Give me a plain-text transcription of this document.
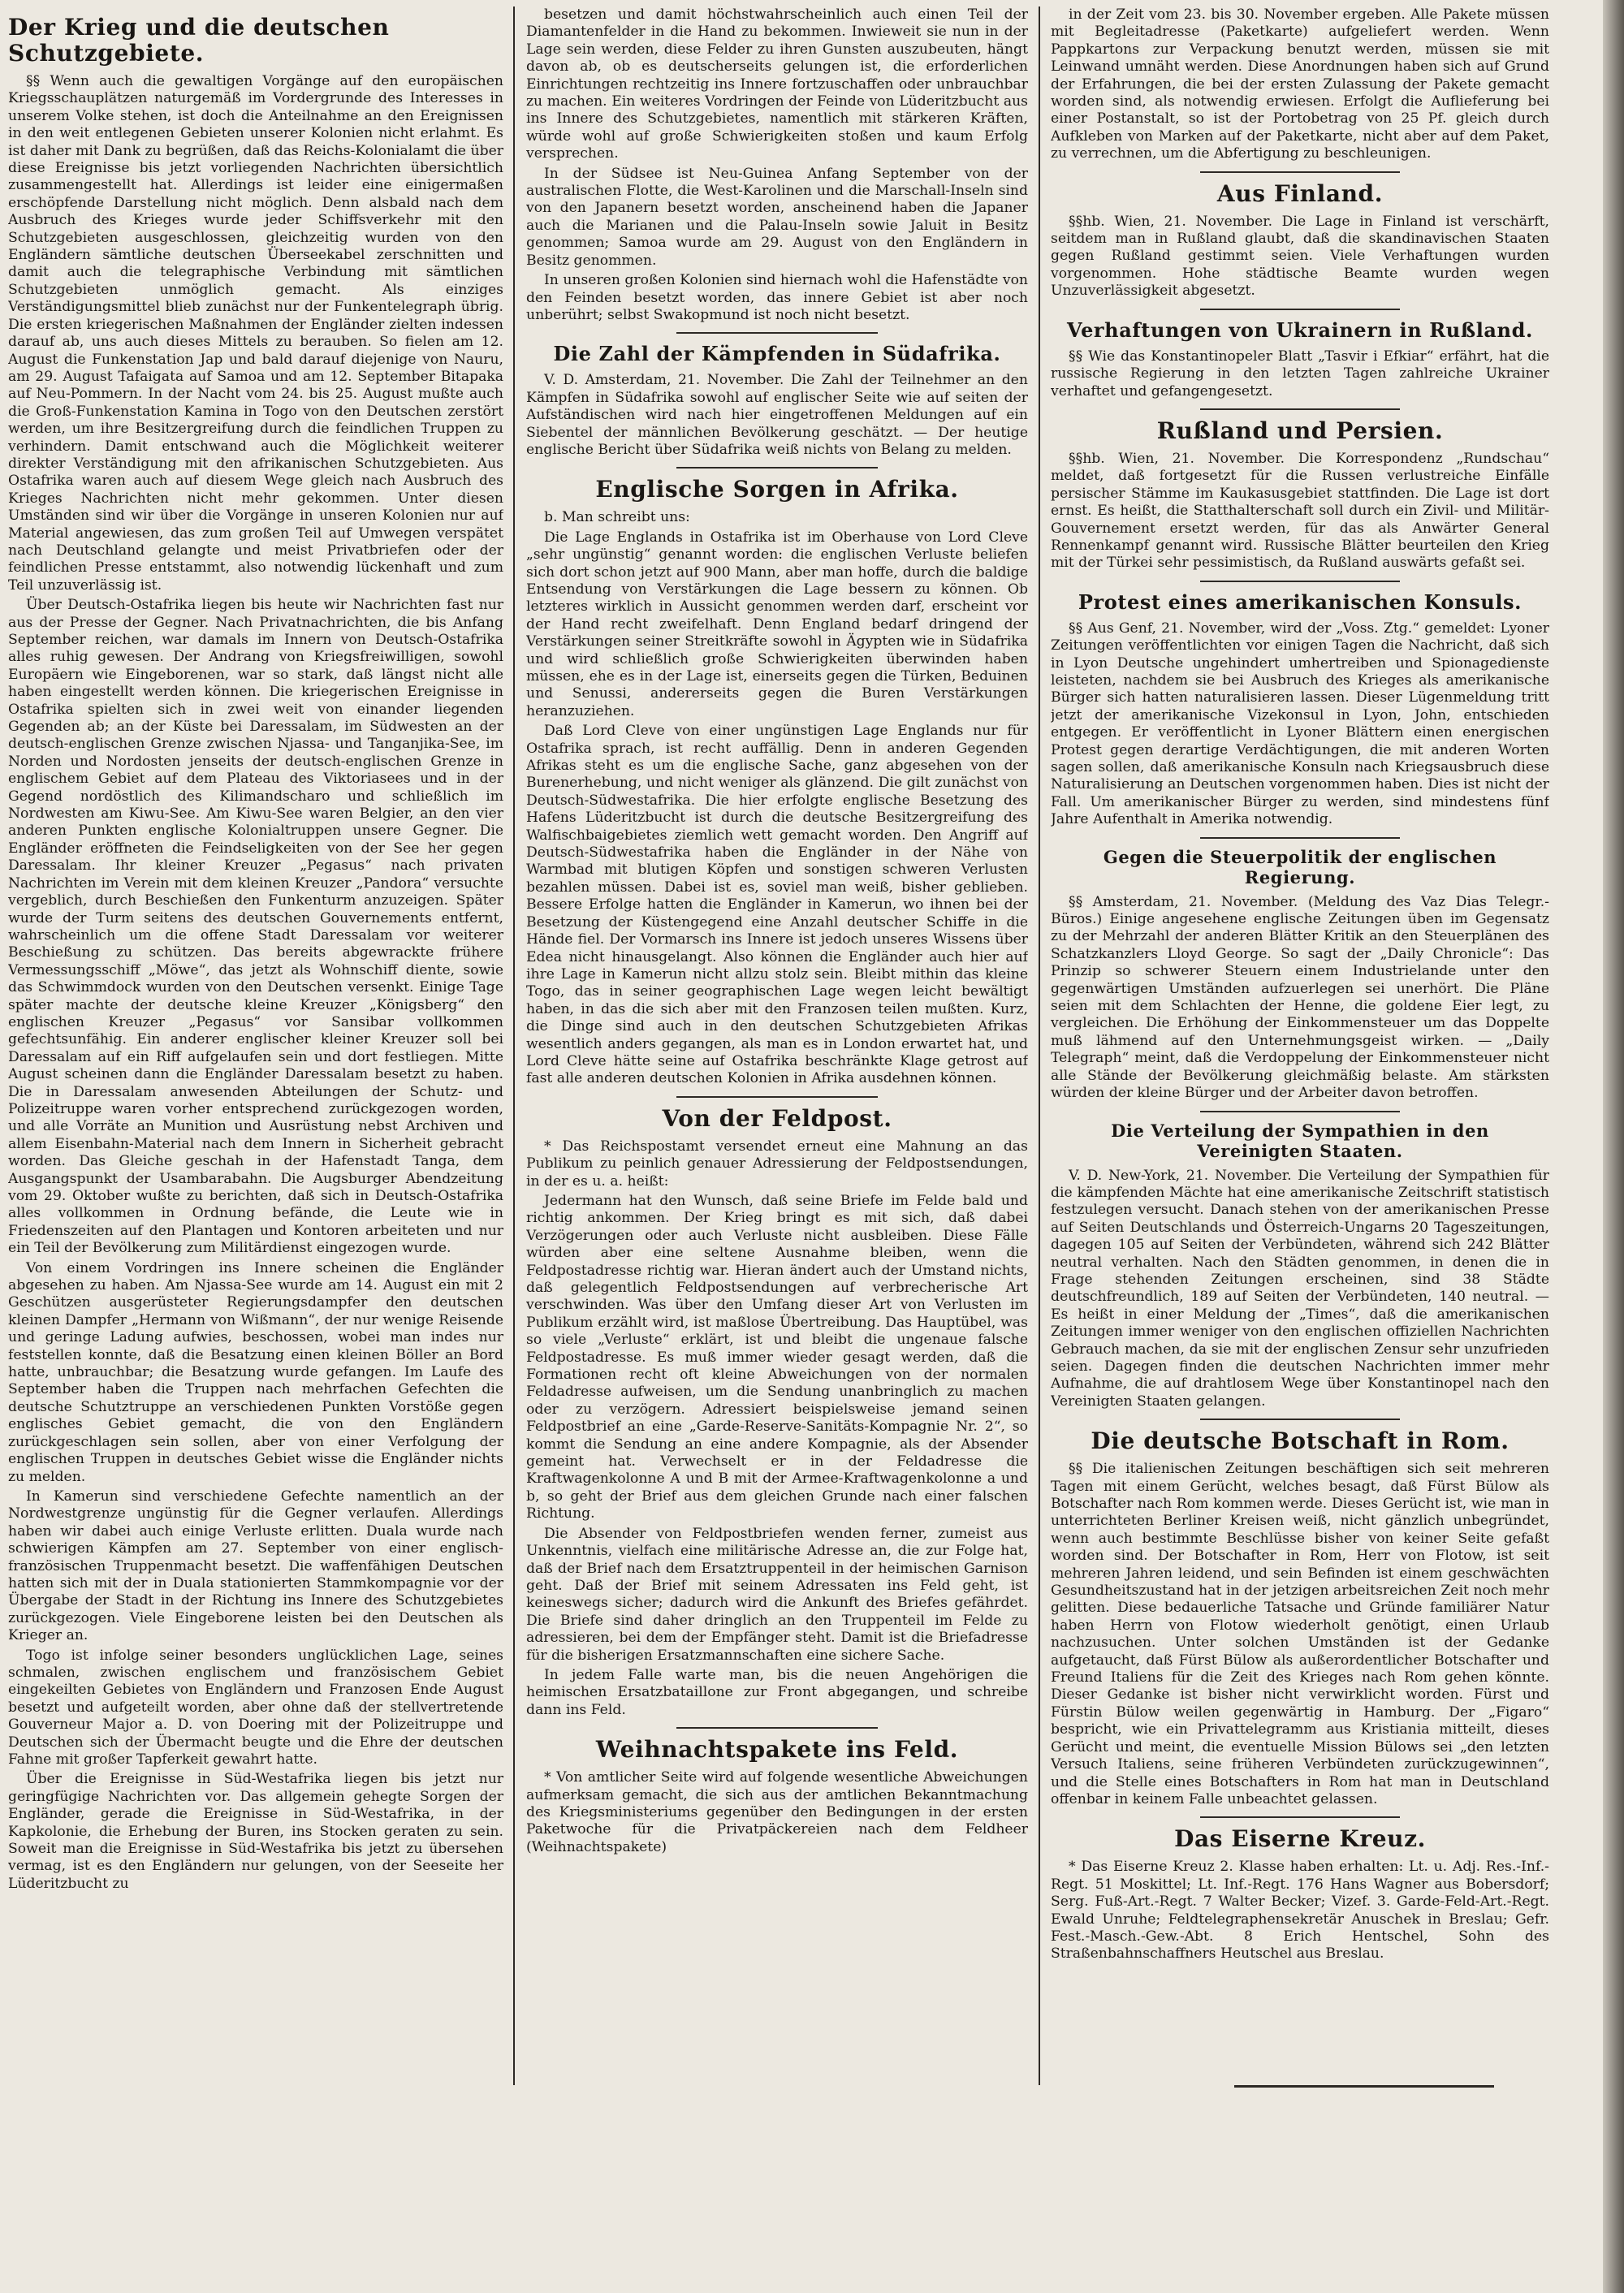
Der Krieg und die deutschen Schutzgebiete.

§§ Wenn auch die gewaltigen Vorgänge auf den europäischen Kriegsschauplätzen naturgemäß im Vordergrunde des Interesses in unserem Volke stehen, ist doch die Anteilnahme an den Ereignissen in den weit entlegenen Gebieten unserer Kolonien nicht erlahmt. Es ist daher mit Dank zu begrüßen, daß das Reichs-Kolonialamt die über diese Ereignisse bis jetzt vorliegenden Nachrichten übersichtlich zusammengestellt hat. Allerdings ist leider eine einigermaßen erschöpfende Darstellung nicht möglich. Denn alsbald nach dem Ausbruch des Krieges wurde jeder Schiffsverkehr mit den Schutzgebieten ausgeschlossen, gleichzeitig wurden von den Engländern sämtliche deutschen Überseekabel zerschnitten und damit auch die telegraphische Verbindung mit sämtlichen Schutzgebieten unmöglich gemacht. Als einziges Verständigungsmittel blieb zunächst nur der Funkentelegraph übrig. Die ersten kriegerischen Maßnahmen der Engländer zielten indessen darauf ab, uns auch dieses Mittels zu berauben. So fielen am 12. August die Funkenstation Jap und bald darauf diejenige von Nauru, am 29. August Tafaigata auf Samoa und am 12. September Bitapaka auf Neu-Pommern. In der Nacht vom 24. bis 25. August mußte auch die Groß-Funkenstation Kamina in Togo von den Deutschen zerstört werden, um ihre Besitzergreifung durch die feindlichen Truppen zu verhindern. Damit entschwand auch die Möglichkeit weiterer direkter Verständigung mit den afrikanischen Schutzgebieten. Aus Ostafrika waren auch auf diesem Wege gleich nach Ausbruch des Krieges Nachrichten nicht mehr gekommen. Unter diesen Umständen sind wir über die Vorgänge in unseren Kolonien nur auf Material angewiesen, das zum großen Teil auf Umwegen verspätet nach Deutschland gelangte und meist Privatbriefen oder der feindlichen Presse entstammt, also notwendig lückenhaft und zum Teil unzuverlässig ist.

Über Deutsch-Ostafrika liegen bis heute wir Nachrichten fast nur aus der Presse der Gegner. Nach Privatnachrichten, die bis Anfang September reichen, war damals im Innern von Deutsch-Ostafrika alles ruhig gewesen. Der Andrang von Kriegsfreiwilligen, sowohl Europäern wie Eingeborenen, war so stark, daß längst nicht alle haben eingestellt werden können. Die kriegerischen Ereignisse in Ostafrika spielten sich in zwei weit von einander liegenden Gegenden ab; an der Küste bei Daressalam, im Südwesten an der deutsch-englischen Grenze zwischen Njassa- und Tanganjika-See, im Norden und Nordosten jenseits der deutsch-englischen Grenze in englischem Gebiet auf dem Plateau des Viktoriasees und in der Gegend nordöstlich des Kilimandscharo und schließlich im Nordwesten am Kiwu-See. Am Kiwu-See waren Belgier, an den vier anderen Punkten englische Kolonialtruppen unsere Gegner. Die Engländer eröffneten die Feindseligkeiten von der See her gegen Daressalam. Ihr kleiner Kreuzer „Pegasus“ nach privaten Nachrichten im Verein mit dem kleinen Kreuzer „Pandora“ versuchte vergeblich, durch Beschießen den Funkenturm anzuzeigen. Später wurde der Turm seitens des deutschen Gouvernements entfernt, wahrscheinlich um die offene Stadt Daressalam vor weiterer Beschießung zu schützen. Das bereits abgewrackte frühere Vermessungsschiff „Möwe“, das jetzt als Wohnschiff diente, sowie das Schwimmdock wurden von den Deutschen versenkt. Einige Tage später machte der deutsche kleine Kreuzer „Königsberg“ den englischen Kreuzer „Pegasus“ vor Sansibar vollkommen gefechtsunfähig. Ein anderer englischer kleiner Kreuzer soll bei Daressalam auf ein Riff aufgelaufen sein und dort festliegen. Mitte August scheinen dann die Engländer Daressalam besetzt zu haben. Die in Daressalam anwesenden Abteilungen der Schutz- und Polizeitruppe waren vorher entsprechend zurückgezogen worden, und alle Vorräte an Munition und Ausrüstung nebst Archiven und allem Eisenbahn-Material nach dem Innern in Sicherheit gebracht worden. Das Gleiche geschah in der Hafenstadt Tanga, dem Ausgangspunkt der Usambarabahn. Die Augsburger Abendzeitung vom 29. Oktober wußte zu berichten, daß sich in Deutsch-Ostafrika alles vollkommen in Ordnung befände, die Leute wie in Friedenszeiten auf den Plantagen und Kontoren arbeiteten und nur ein Teil der Bevölkerung zum Militärdienst eingezogen wurde.

Von einem Vordringen ins Innere scheinen die Engländer abgesehen zu haben. Am Njassa-See wurde am 14. August ein mit 2 Geschützen ausgerüsteter Regierungsdampfer den deutschen kleinen Dampfer „Hermann von Wißmann“, der nur wenige Reisende und geringe Ladung aufwies, beschossen, wobei man indes nur feststellen konnte, daß die Besatzung einen kleinen Böller an Bord hatte, unbrauchbar; die Besatzung wurde gefangen. Im Laufe des September haben die Truppen nach mehrfachen Gefechten die deutsche Schutztruppe an verschiedenen Punkten Vorstöße gegen englisches Gebiet gemacht, die von den Engländern zurückgeschlagen sein sollen, aber von einer Verfolgung der englischen Truppen in deutsches Gebiet wisse die Engländer nichts zu melden.

In Kamerun sind verschiedene Gefechte namentlich an der Nordwestgrenze ungünstig für die Gegner verlaufen. Allerdings haben wir dabei auch einige Verluste erlitten. Duala wurde nach schwierigen Kämpfen am 27. September von einer englisch-französischen Truppenmacht besetzt. Die waffenfähigen Deutschen hatten sich mit der in Duala stationierten Stammkompagnie vor der Übergabe der Stadt in der Richtung ins Innere des Schutzgebietes zurückgezogen. Viele Eingeborene leisten bei den Deutschen als Krieger an.

Togo ist infolge seiner besonders unglücklichen Lage, seines schmalen, zwischen englischem und französischem Gebiet eingekeilten Gebietes von Engländern und Franzosen Ende August besetzt und aufgeteilt worden, aber ohne daß der stellvertretende Gouverneur Major a. D. von Doering mit der Polizeitruppe und Deutschen sich der Übermacht beugte und die Ehre der deutschen Fahne mit großer Tapferkeit gewahrt hatte.

Über die Ereignisse in Süd-Westafrika liegen bis jetzt nur geringfügige Nachrichten vor. Das allgemein gehegte Sorgen der Engländer, gerade die Ereignisse in Süd-Westafrika, in der Kapkolonie, die Erhebung der Buren, ins Stocken geraten zu sein. Soweit man die Ereignisse in Süd-Westafrika bis jetzt zu übersehen vermag, ist es den Engländern nur gelungen, von der Seeseite her Lüderitzbucht zu

besetzen und damit höchstwahrscheinlich auch einen Teil der Diamantenfelder in die Hand zu bekommen. Inwieweit sie nun in der Lage sein werden, diese Felder zu ihren Gunsten auszubeuten, hängt davon ab, ob es deutscherseits gelungen ist, die erforderlichen Einrichtungen rechtzeitig ins Innere fortzuschaffen oder unbrauchbar zu machen. Ein weiteres Vordringen der Feinde von Lüderitzbucht aus ins Innere des Schutzgebietes, namentlich mit stärkeren Kräften, würde wohl auf große Schwierigkeiten stoßen und kaum Erfolg versprechen.

In der Südsee ist Neu-Guinea Anfang September von der australischen Flotte, die West-Karolinen und die Marschall-Inseln sind von den Japanern besetzt worden, anscheinend haben die Japaner auch die Marianen und die Palau-Inseln sowie Jaluit in Besitz genommen; Samoa wurde am 29. August von den Engländern in Besitz genommen.

In unseren großen Kolonien sind hiernach wohl die Hafenstädte von den Feinden besetzt worden, das innere Gebiet ist aber noch unberührt; selbst Swakopmund ist noch nicht besetzt.

Die Zahl der Kämpfenden in Südafrika.

V. D. Amsterdam, 21. November. Die Zahl der Teilnehmer an den Kämpfen in Südafrika sowohl auf englischer Seite wie auf seiten der Aufständischen wird nach hier eingetroffenen Meldungen auf ein Siebentel der männlichen Bevölkerung geschätzt. — Der heutige englische Bericht über Südafrika weiß nichts von Belang zu melden.

Englische Sorgen in Afrika.

b. Man schreibt uns:

Die Lage Englands in Ostafrika ist im Oberhause von Lord Cleve „sehr ungünstig“ genannt worden: die englischen Verluste beliefen sich dort schon jetzt auf 900 Mann, aber man hoffe, durch die baldige Entsendung von Verstärkungen die Lage bessern zu können. Ob letzteres wirklich in Aussicht genommen werden darf, erscheint vor der Hand recht zweifelhaft. Denn England bedarf dringend der Verstärkungen seiner Streitkräfte sowohl in Ägypten wie in Südafrika und wird schließlich große Schwierigkeiten überwinden haben müssen, ehe es in der Lage ist, einerseits gegen die Türken, Beduinen und Senussi, andererseits gegen die Buren Verstärkungen heranzuziehen.

Daß Lord Cleve von einer ungünstigen Lage Englands nur für Ostafrika sprach, ist recht auffällig. Denn in anderen Gegenden Afrikas steht es um die englische Sache, ganz abgesehen von der Burenerhebung, und nicht weniger als glänzend. Die gilt zunächst von Deutsch-Südwestafrika. Die hier erfolgte englische Besetzung des Hafens Lüderitzbucht ist durch die deutsche Besitzergreifung des Walfischbaigebietes ziemlich wett gemacht worden. Den Angriff auf Deutsch-Südwestafrika haben die Engländer in der Nähe von Warmbad mit blutigen Köpfen und sonstigen schweren Verlusten bezahlen müssen. Dabei ist es, soviel man weiß, bisher geblieben. Bessere Erfolge hatten die Engländer in Kamerun, wo ihnen bei der Besetzung der Küstengegend eine Anzahl deutscher Schiffe in die Hände fiel. Der Vormarsch ins Innere ist jedoch unseres Wissens über Edea nicht hinausgelangt. Also können die Engländer auch hier auf ihre Lage in Kamerun nicht allzu stolz sein. Bleibt mithin das kleine Togo, das in seiner geographischen Lage wegen leicht bewältigt haben, in das die sich aber mit den Franzosen teilen mußten. Kurz, die Dinge sind auch in den deutschen Schutzgebieten Afrikas wesentlich anders gegangen, als man es in London erwartet hat, und Lord Cleve hätte seine auf Ostafrika beschränkte Klage getrost auf fast alle anderen deutschen Kolonien in Afrika ausdehnen können.

Von der Feldpost.

* Das Reichspostamt versendet erneut eine Mahnung an das Publikum zu peinlich genauer Adressierung der Feldpostsendungen, in der es u. a. heißt:

Jedermann hat den Wunsch, daß seine Briefe im Felde bald und richtig ankommen. Der Krieg bringt es mit sich, daß dabei Verzögerungen oder auch Verluste nicht ausbleiben. Diese Fälle würden aber eine seltene Ausnahme bleiben, wenn die Feldpostadresse richtig war. Hieran ändert auch der Umstand nichts, daß gelegentlich Feldpostsendungen auf verbrecherische Art verschwinden. Was über den Umfang dieser Art von Verlusten im Publikum erzählt wird, ist maßlose Übertreibung. Das Hauptübel, was so viele „Verluste“ erklärt, ist und bleibt die ungenaue falsche Feldpostadresse. Es muß immer wieder gesagt werden, daß die Formationen recht oft kleine Abweichungen von der normalen Feldadresse aufweisen, um die Sendung unanbringlich zu machen oder zu verzögern. Adressiert beispielsweise jemand seinen Feldpostbrief an eine „Garde-Reserve-Sanitäts-Kompagnie Nr. 2“, so kommt die Sendung an eine andere Kompagnie, als der Absender gemeint hat. Verwechselt er in der Feldadresse die Kraftwagenkolonne A und B mit der Armee-Kraftwagenkolonne a und b, so geht der Brief aus dem gleichen Grunde nach einer falschen Richtung.

Die Absender von Feldpostbriefen wenden ferner, zumeist aus Unkenntnis, vielfach eine militärische Adresse an, die zur Folge hat, daß der Brief nach dem Ersatztruppenteil in der heimischen Garnison geht. Daß der Brief mit seinem Adressaten ins Feld geht, ist keineswegs sicher; dadurch wird die Ankunft des Briefes gefährdet. Die Briefe sind daher dringlich an den Truppenteil im Felde zu adressieren, bei dem der Empfänger steht. Damit ist die Briefadresse für die bisherigen Ersatzmannschaften eine sichere Sache.

In jedem Falle warte man, bis die neuen Angehörigen die heimischen Ersatzbataillone zur Front abgegangen, und schreibe dann ins Feld.

Weihnachtspakete ins Feld.

* Von amtlicher Seite wird auf folgende wesentliche Abweichungen aufmerksam gemacht, die sich aus der amtlichen Bekanntmachung des Kriegsministeriums gegenüber den Bedingungen in der ersten Paketwoche für die Privatpäckereien nach dem Feldheer (Weihnachtspakete)

in der Zeit vom 23. bis 30. November ergeben. Alle Pakete müssen mit Begleitadresse (Paketkarte) aufgeliefert werden. Wenn Pappkartons zur Verpackung benutzt werden, müssen sie mit Leinwand umnäht werden. Diese Anordnungen haben sich auf Grund der Erfahrungen, die bei der ersten Zulassung der Pakete gemacht worden sind, als notwendig erwiesen. Erfolgt die Auflieferung bei einer Postanstalt, so ist der Portobetrag von 25 Pf. gleich durch Aufkleben von Marken auf der Paketkarte, nicht aber auf dem Paket, zu verrechnen, um die Abfertigung zu beschleunigen.

Aus Finland.

§§hb. Wien, 21. November. Die Lage in Finland ist verschärft, seitdem man in Rußland glaubt, daß die skandinavischen Staaten gegen Rußland gestimmt seien. Viele Verhaftungen wurden vorgenommen. Hohe städtische Beamte wurden wegen Unzuverlässigkeit abgesetzt.

Verhaftungen von Ukrainern in Rußland.

§§ Wie das Konstantinopeler Blatt „Tasvir i Efkiar“ erfährt, hat die russische Regierung in den letzten Tagen zahlreiche Ukrainer verhaftet und gefangengesetzt.

Rußland und Persien.

§§hb. Wien, 21. November. Die Korrespondenz „Rundschau“ meldet, daß fortgesetzt für die Russen verlustreiche Einfälle persischer Stämme im Kaukasusgebiet stattfinden. Die Lage ist dort ernst. Es heißt, die Statthalterschaft soll durch ein Zivil- und Militär-Gouvernement ersetzt werden, für das als Anwärter General Rennenkampf genannt wird. Russische Blätter beurteilen den Krieg mit der Türkei sehr pessimistisch, da Rußland auswärts gefaßt sei.

Protest eines amerikanischen Konsuls.

§§ Aus Genf, 21. November, wird der „Voss. Ztg.“ gemeldet: Lyoner Zeitungen veröffentlichten vor einigen Tagen die Nachricht, daß sich in Lyon Deutsche ungehindert umhertreiben und Spionagedienste leisteten, nachdem sie bei Ausbruch des Krieges als amerikanische Bürger sich hatten naturalisieren lassen. Dieser Lügenmeldung tritt jetzt der amerikanische Vizekonsul in Lyon, John, entschieden entgegen. Er veröffentlicht in Lyoner Blättern einen energischen Protest gegen derartige Verdächtigungen, die mit anderen Worten sagen sollen, daß amerikanische Konsuln nach Kriegsausbruch diese Naturalisierung an Deutschen vorgenommen haben. Dies ist nicht der Fall. Um amerikanischer Bürger zu werden, sind mindestens fünf Jahre Aufenthalt in Amerika notwendig.

Gegen die Steuerpolitik der englischen Regierung.

§§ Amsterdam, 21. November. (Meldung des Vaz Dias Telegr.-Büros.) Einige angesehene englische Zeitungen üben im Gegensatz zu der Mehrzahl der anderen Blätter Kritik an den Steuerplänen des Schatzkanzlers Lloyd George. So sagt der „Daily Chronicle“: Das Prinzip so schwerer Steuern einem Industrielande unter den gegenwärtigen Umständen aufzuerlegen sei unerhört. Die Pläne seien mit dem Schlachten der Henne, die goldene Eier legt, zu vergleichen. Die Erhöhung der Einkommensteuer um das Doppelte muß lähmend auf den Unternehmungsgeist wirken. — „Daily Telegraph“ meint, daß die Verdoppelung der Einkommensteuer nicht alle Stände der Bevölkerung gleichmäßig belaste. Am stärksten würden der kleine Bürger und der Arbeiter davon betroffen.

Die Verteilung der Sympathien in den Vereinigten Staaten.

V. D. New-York, 21. November. Die Verteilung der Sympathien für die kämpfenden Mächte hat eine amerikanische Zeitschrift statistisch festzulegen versucht. Danach stehen von der amerikanischen Presse auf Seiten Deutschlands und Österreich-Ungarns 20 Tageszeitungen, dagegen 105 auf Seiten der Verbündeten, während sich 242 Blätter neutral verhalten. Nach den Städten genommen, in denen die in Frage stehenden Zeitungen erscheinen, sind 38 Städte deutschfreundlich, 189 auf Seiten der Verbündeten, 140 neutral. — Es heißt in einer Meldung der „Times“, daß die amerikanischen Zeitungen immer weniger von den englischen offiziellen Nachrichten Gebrauch machen, da sie mit der englischen Zensur sehr unzufrieden seien. Dagegen finden die deutschen Nachrichten immer mehr Aufnahme, die auf drahtlosem Wege über Konstantinopel nach den Vereinigten Staaten gelangen.

Die deutsche Botschaft in Rom.

§§ Die italienischen Zeitungen beschäftigen sich seit mehreren Tagen mit einem Gerücht, welches besagt, daß Fürst Bülow als Botschafter nach Rom kommen werde. Dieses Gerücht ist, wie man in unterrichteten Berliner Kreisen weiß, nicht gänzlich unbegründet, wenn auch bestimmte Beschlüsse bisher von keiner Seite gefaßt worden sind. Der Botschafter in Rom, Herr von Flotow, ist seit mehreren Jahren leidend, und sein Befinden ist einem geschwächten Gesundheitszustand hat in der jetzigen arbeitsreichen Zeit noch mehr gelitten. Diese bedauerliche Tatsache und Gründe familiärer Natur haben Herrn von Flotow wiederholt genötigt, einen Urlaub nachzusuchen. Unter solchen Umständen ist der Gedanke aufgetaucht, daß Fürst Bülow als außerordentlicher Botschafter und Freund Italiens für die Zeit des Krieges nach Rom gehen könnte. Dieser Gedanke ist bisher nicht verwirklicht worden. Fürst und Fürstin Bülow weilen gegenwärtig in Hamburg. Der „Figaro“ bespricht, wie ein Privattelegramm aus Kristiania mitteilt, dieses Gerücht und meint, die eventuelle Mission Bülows sei „den letzten Versuch Italiens, seine früheren Verbündeten zurückzugewinnen“, und die Stelle eines Botschafters in Rom hat man in Deutschland offenbar in keinem Falle unbeachtet gelassen.

Das Eiserne Kreuz.

* Das Eiserne Kreuz 2. Klasse haben erhalten: Lt. u. Adj. Res.-Inf.-Regt. 51 Moskittel; Lt. Inf.-Regt. 176 Hans Wagner aus Bobersdorf; Serg. Fuß-Art.-Regt. 7 Walter Becker; Vizef. 3. Garde-Feld-Art.-Regt. Ewald Unruhe; Feldtelegraphensekretär Anuschek in Breslau; Gefr. Fest.-Masch.-Gew.-Abt. 8 Erich Hentschel, Sohn des Straßenbahnschaffners Heutschel aus Breslau.
